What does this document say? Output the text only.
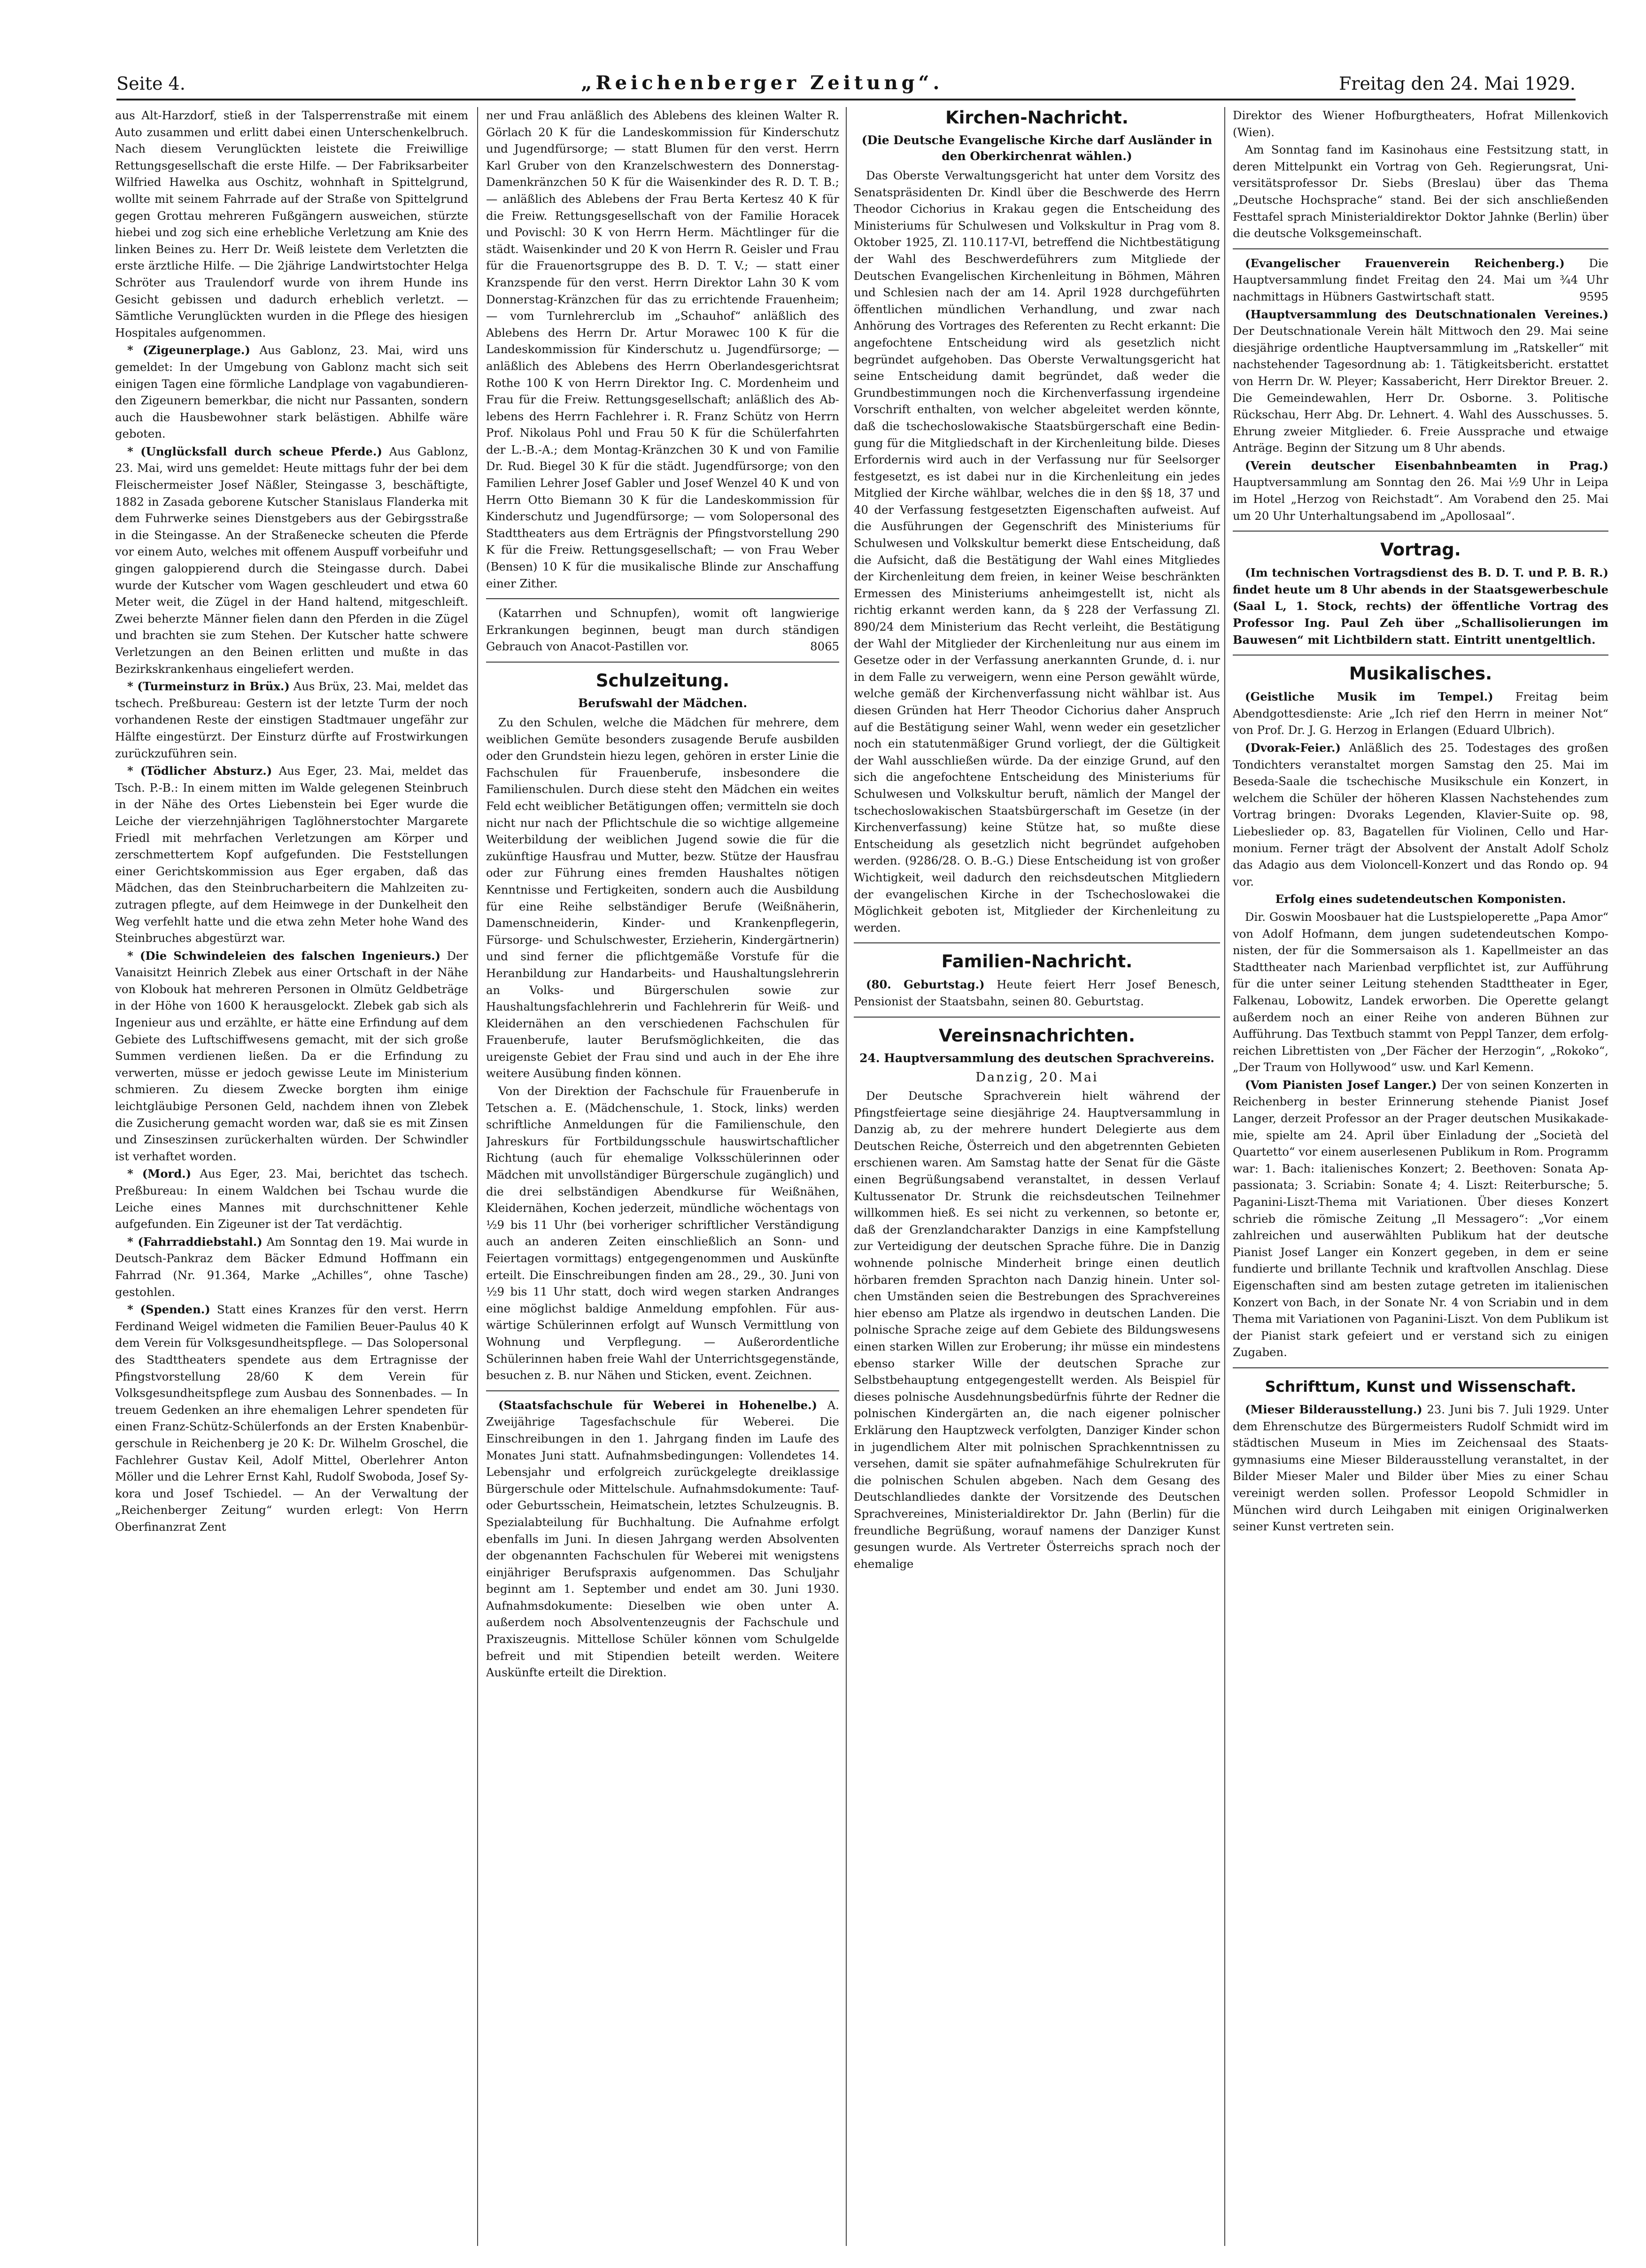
Seite 4.	„Reichenberger Zeitung“.	Freitag den 24. Mai 1929.

aus Alt-Harzdorf, stieß in der Talsperrenstraße mit einem Auto zusammen und erlitt dabei einen Unterschenkelbruch. Nach diesem Verunglückten leistete die Freiwillige Rettungsgesellschaft die erste Hilfe. — Der Fabriksarbeiter Wilfried Hawelka aus Oschitz, wohnhaft in Spittelgrund, wollte mit seinem Fahrrade auf der Straße von Spittelgrund gegen Grottau mehreren Fußgängern ausweichen, stürzte hiebei und zog sich eine erhebliche Verletzung am Knie des linken Beines zu. Herr Dr. Weiß leistete dem Verletzten die erste ärztliche Hilfe. — Die 2jährige Landwirtstochter Helga Schröter aus Traulendorf wurde von ihrem Hunde ins Gesicht gebissen und dadurch erheblich verletzt. — Sämtliche Verunglückten wurden in die Pflege des hiesigen Hospitales aufgenommen.

* (Zigeunerplage.) Aus Gablonz, 23. Mai, wird uns gemeldet: In der Umgebung von Gablonz macht sich seit einigen Tagen eine förmliche Landplage von vagabundierenden Zigeunern bemerkbar, die nicht nur Passanten, sondern auch die Hausbewohner stark belästigen. Abhilfe wäre geboten.

* (Unglücksfall durch scheue Pferde.) Aus Gablonz, 23. Mai, wird uns gemeldet: Heute mittags fuhr der bei dem Fleischermeister Josef Näßler, Steingasse 3, beschäftigte, 1882 in Zasada geborene Kutscher Stanislaus Flanderka mit dem Fuhrwerke seines Dienstgebers aus der Gebirgsstraße in die Steingasse. An der Straßenecke scheuten die Pferde vor einem Auto, welches mit offenem Auspuff vorbeifuhr und gingen galoppierend durch die Steingasse durch. Dabei wurde der Kutscher vom Wagen geschleudert und etwa 60 Meter weit, die Zügel in der Hand haltend, mitgeschleift. Zwei beherzte Männer fielen dann den Pferden in die Zügel und brachten sie zum Stehen. Der Kutscher hatte schwere Verletzungen an den Beinen erlitten und mußte in das Bezirkskrankenhaus eingeliefert werden.

* (Turmeinsturz in Brüx.) Aus Brüx, 23. Mai, meldet das tschech. Preßbureau: Gestern ist der letzte Turm der noch vorhandenen Reste der einstigen Stadtmauer ungefähr zur Hälfte eingestürzt. Der Einsturz dürfte auf Frostwirkungen zurückzuführen sein.

* (Tödlicher Absturz.) Aus Eger, 23. Mai, meldet das Tsch. P.-B.: In einem mitten im Walde gelegenen Steinbruch in der Nähe des Ortes Liebenstein bei Eger wurde die Leiche der vierzehnjährigen Taglöhnerstochter Margarete Friedl mit mehrfachen Verletzungen am Körper und zerschmettertem Kopf aufgefunden. Die Feststellungen einer Gerichtskommission aus Eger ergaben, daß das Mädchen, das den Steinbrucharbeitern die Mahlzeiten zuzutragen pflegte, auf dem Heimwege in der Dunkelheit den Weg verfehlt hatte und die etwa zehn Meter hohe Wand des Steinbruches abgestürzt war.

* (Die Schwindeleien des falschen Ingenieurs.) Der Vanaisitzt Heinrich Zlebek aus einer Ortschaft in der Nähe von Klobouk hat mehreren Personen in Olmütz Geldbeträge in der Höhe von 1600 K herausgelockt. Zlebek gab sich als Ingenieur aus und erzählte, er hätte eine Erfindung auf dem Gebiete des Luftschiffwesens gemacht, mit der sich große Summen verdienen ließen. Da er die Erfindung zu verwerten, müsse er jedoch gewisse Leute im Ministerium schmieren. Zu diesem Zwecke borgten ihm einige leichtgläubige Personen Geld, nachdem ihnen von Zlebek die Zusicherung gemacht worden war, daß sie es mit Zinsen und Zinseszinsen zurückerhalten würden. Der Schwindler ist verhaftet worden.

* (Mord.) Aus Eger, 23. Mai, berichtet das tschech. Preßbureau: In einem Waldchen bei Tschau wurde die Leiche eines Mannes mit durchschnittener Kehle aufgefunden. Ein Zigeuner ist der Tat verdächtig.

* (Fahrraddiebstahl.) Am Sonntag den 19. Mai wurde in Deutsch-Pankraz dem Bäcker Edmund Hoffmann ein Fahrrad (Nr. 91.364, Marke „Achilles“, ohne Tasche) gestohlen.

* (Spenden.) Statt eines Kranzes für den verst. Herrn Ferdinand Weigel widmeten die Familien Beuer-Paulus 40 K dem Verein für Volksgesundheitspflege. — Das Solopersonal des Stadttheaters spendete aus dem Ertragnisse der Pfingstvorstellung 28/60 K dem Verein für Volksgesundheitspflege zum Ausbau des Sonnenbades. — In treuem Gedenken an ihre ehemaligen Lehrer spendeten für einen Franz-Schütz-Schülerfonds an der Ersten Knabenbürgerschule in Reichenberg je 20 K: Dr. Wilhelm Groschel, die Fachlehrer Gustav Keil, Adolf Mittel, Oberlehrer Anton Möller und die Lehrer Ernst Kahl, Rudolf Swoboda, Josef Sykora und Josef Tschiedel. — An der Verwaltung der „Reichenberger Zeitung“ wurden erlegt: Von Herrn Oberfinanzrat Zent

ner und Frau anläßlich des Ablebens des kleinen Walter R. Görlach 20 K für die Landeskommission für Kinderschutz und Jugendfürsorge; — statt Blumen für den verst. Herrn Karl Gruber von den Kranzelschwestern des Donnerstag-Damenkränzchen 50 K für die Waisenkinder des R. D. T. B.; — anläßlich des Ablebens der Frau Berta Kertesz 40 K für die Freiw. Rettungsgesellschaft von der Familie Horacek und Povischl: 30 K von Herrn Herm. Mächtlinger für die städt. Waisenkinder und 20 K von Herrn R. Geisler und Frau für die Frauenortsgruppe des B. D. T. V.; — statt einer Kranzspende für den verst. Herrn Direktor Lahn 30 K vom Donnerstag-Kränzchen für das zu errichtende Frauenheim; — vom Turnlehrerclub im „Schauhof“ anläßlich des Ablebens des Herrn Dr. Artur Morawec 100 K für die Landeskommission für Kinderschutz u. Jugendfürsorge; — anläßlich des Ablebens des Herrn Oberlandesgerichtsrat Rothe 100 K von Herrn Direktor Ing. C. Mordenheim und Frau für die Freiw. Rettungsgesellschaft; anläßlich des Ablebens des Herrn Fachlehrer i. R. Franz Schütz von Herrn Prof. Nikolaus Pohl und Frau 50 K für die Schülerfahrten der L.-B.-A.; dem Montag-Kränzchen 30 K und von Familie Dr. Rud. Biegel 30 K für die städt. Jugendfürsorge; von den Familien Lehrer Josef Gabler und Josef Wenzel 40 K und von Herrn Otto Biemann 30 K für die Landeskommission für Kinderschutz und Jugendfürsorge; — vom Solopersonal des Stadttheaters aus dem Erträgnis der Pfingstvorstellung 290 K für die Freiw. Rettungsgesellschaft; — von Frau Weber (Bensen) 10 K für die musikalische Blinde zur Anschaffung einer Zither.

(Katarrhen und Schnupfen), womit oft langwierige Erkrankungen beginnen, beugt man durch ständigen Gebrauch von Anacot-Pastillen vor.	8065

Schulzeitung.
Berufswahl der Mädchen.

Zu den Schulen, welche die Mädchen für mehrere, dem weiblichen Gemüte besonders zusagende Berufe ausbilden oder den Grundstein hiezu legen, gehören in erster Linie die Fachschulen für Frauenberufe, insbesondere die Familienschulen. Durch diese steht den Mädchen ein weites Feld echt weiblicher Betätigungen offen; vermitteln sie doch nicht nur nach der Pflichtschule die so wichtige allgemeine Weiterbildung der weiblichen Jugend sowie die für die zukünftige Hausfrau und Mutter, bezw. Stütze der Hausfrau oder zur Führung eines fremden Haushaltes nötigen Kenntnisse und Fertigkeiten, sondern auch die Ausbildung für eine Reihe selbständiger Berufe (Weißnäherin, Damenschneiderin, Kinder- und Krankenpflegerin, Fürsorge- und Schulschwester, Erzieherin, Kindergärtnerin) und sind ferner die pflichtgemäße Vorstufe für die Heranbildung zur Handarbeits- und Haushaltungslehrerin an Volks- und Bürgerschulen sowie zur Haushaltungsfachlehrerin und Fachlehrerin für Weiß- und Kleidernähen an den verschiedenen Fachschulen für Frauenberufe, lauter Berufsmöglichkeiten, die das ureigenste Gebiet der Frau sind und auch in der Ehe ihre weitere Ausübung finden können.

Von der Direktion der Fachschule für Frauenberufe in Tetschen a. E. (Mädchenschule, 1. Stock, links) werden schriftliche Anmeldungen für die Familienschule, den Jahreskurs für Fortbildungsschule hauswirtschaftlicher Richtung (auch für ehemalige Volksschülerinnen oder Mädchen mit unvollständiger Bürgerschule zugänglich) und die drei selbständigen Abendkurse für Weißnähen, Kleidernähen, Kochen jederzeit, mündliche wöchentags von ½9 bis 11 Uhr (bei vorheriger schriftlicher Verständigung auch an anderen Zeiten einschließlich an Sonn- und Feiertagen vormittags) entgegengenommen und Auskünfte erteilt. Die Einschreibungen finden am 28., 29., 30. Juni von ½9 bis 11 Uhr statt, doch wird wegen starken Andranges eine möglichst baldige Anmeldung empfohlen. Für auswärtige Schülerinnen erfolgt auf Wunsch Vermittlung von Wohnung und Verpflegung. — Außerordentliche Schülerinnen haben freie Wahl der Unterrichtsgegenstände, besuchen z. B. nur Nähen und Sticken, event. Zeichnen.

(Staatsfachschule für Weberei in Hohenelbe.) A. Zweijährige Tagesfachschule für Weberei. Die Einschreibungen in den 1. Jahrgang finden im Laufe des Monates Juni statt. Aufnahmsbedingungen: Vollendetes 14. Lebensjahr und erfolgreich zurückgelegte dreiklassige Bürgerschule oder Mittelschule. Aufnahmsdokumente: Tauf- oder Geburtsschein, Heimatschein, letztes Schulzeugnis. B. Spezialabteilung für Buchhaltung. Die Aufnahme erfolgt ebenfalls im Juni. In diesen Jahrgang werden Absolventen der obgenannten Fachschulen für Weberei mit wenigstens einjähriger Berufspraxis aufgenommen. Das Schuljahr beginnt am 1. September und endet am 30. Juni 1930. Aufnahmsdokumente: Dieselben wie oben unter A. außerdem noch Absolventenzeugnis der Fachschule und Praxiszeugnis. Mittellose Schüler können vom Schulgelde befreit und mit Stipendien beteilt werden. Weitere Auskünfte erteilt die Direktion.

Kirchen-Nachricht.
(Die Deutsche Evangelische Kirche darf Ausländer in den Oberkirchenrat wählen.)

Das Oberste Verwaltungsgericht hat unter dem Vorsitz des Senatspräsidenten Dr. Kindl über die Beschwerde des Herrn Theodor Cichorius in Krakau gegen die Entscheidung des Ministeriums für Schulwesen und Volkskultur in Prag vom 8. Oktober 1925, Zl. 110.117-VI, betreffend die Nichtbestätigung der Wahl des Beschwerdeführers zum Mitgliede der Deutschen Evangelischen Kirchenleitung in Böhmen, Mähren und Schlesien nach der am 14. April 1928 durchgeführten öffentlichen mündlichen Verhandlung, und zwar nach Anhörung des Vortrages des Referenten zu Recht erkannt: Die angefochtene Entscheidung wird als gesetzlich nicht begründet aufgehoben. Das Oberste Verwaltungsgericht hat seine Entscheidung damit begründet, daß weder die Grundbestimmungen noch die Kirchenverfassung irgendeine Vorschrift enthalten, von welcher abgeleitet werden könnte, daß die tschechoslowakische Staatsbürgerschaft eine Bedingung für die Mitgliedschaft in der Kirchenleitung bilde. Dieses Erfordernis wird auch in der Verfassung nur für Seelsorger festgesetzt, es ist dabei nur in die Kirchenleitung ein jedes Mitglied der Kirche wählbar, welches die in den §§ 18, 37 und 40 der Verfassung festgesetzten Eigenschaften aufweist. Auf die Ausführungen der Gegenschrift des Ministeriums für Schulwesen und Volkskultur bemerkt diese Entscheidung, daß die Aufsicht, daß die Bestätigung der Wahl eines Mitgliedes der Kirchenleitung dem freien, in keiner Weise beschränkten Ermessen des Ministeriums anheimgestellt ist, nicht als richtig erkannt werden kann, da § 228 der Verfassung Zl. 890/24 dem Ministerium das Recht verleiht, die Bestätigung der Wahl der Mitglieder der Kirchenleitung nur aus einem im Gesetze oder in der Verfassung anerkannten Grunde, d. i. nur in dem Falle zu verweigern, wenn eine Person gewählt würde, welche gemäß der Kirchenverfassung nicht wählbar ist. Aus diesen Gründen hat Herr Theodor Cichorius daher Anspruch auf die Bestätigung seiner Wahl, wenn weder ein gesetzlicher noch ein statutenmäßiger Grund vorliegt, der die Gültigkeit der Wahl ausschließen würde. Da der einzige Grund, auf den sich die angefochtene Entscheidung des Ministeriums für Schulwesen und Volkskultur beruft, nämlich der Mangel der tschechoslowakischen Staatsbürgerschaft im Gesetze (in der Kirchenverfassung) keine Stütze hat, so mußte diese Entscheidung als gesetzlich nicht begründet aufgehoben werden. (9286/28. O. B.-G.) Diese Entscheidung ist von großer Wichtigkeit, weil dadurch den reichsdeutschen Mitgliedern der evangelischen Kirche in der Tschechoslowakei die Möglichkeit geboten ist, Mitglieder der Kirchenleitung zu werden.

Familien-Nachricht.

(80. Geburtstag.) Heute feiert Herr Josef Benesch, Pensionist der Staatsbahn, seinen 80. Geburtstag.

Vereinsnachrichten.
24. Hauptversammlung des deutschen Sprachvereins.
Danzig, 20. Mai

Der Deutsche Sprachverein hielt während der Pfingstfeiertage seine diesjährige 24. Hauptversammlung in Danzig ab, zu der mehrere hundert Delegierte aus dem Deutschen Reiche, Österreich und den abgetrennten Gebieten erschienen waren. Am Samstag hatte der Senat für die Gäste einen Begrüßungsabend veranstaltet, in dessen Verlauf Kultussenator Dr. Strunk die reichsdeutschen Teilnehmer willkommen hieß. Es sei nicht zu verkennen, so betonte er, daß der Grenzlandcharakter Danzigs in eine Kampfstellung zur Verteidigung der deutschen Sprache führe. Die in Danzig wohnende polnische Minderheit bringe einen deutlich hörbaren fremden Sprachton nach Danzig hinein. Unter solchen Umständen seien die Bestrebungen des Sprachvereines hier ebenso am Platze als irgendwo in deutschen Landen. Die polnische Sprache zeige auf dem Gebiete des Bildungswesens einen starken Willen zur Eroberung; ihr müsse ein mindestens ebenso starker Wille der deutschen Sprache zur Selbstbehauptung entgegengestellt werden. Als Beispiel für dieses polnische Ausdehnungsbedürfnis führte der Redner die polnischen Kindergärten an, die nach eigener polnischer Erklärung den Hauptzweck verfolgten, Danziger Kinder schon in jugendlichem Alter mit polnischen Sprachkenntnissen zu versehen, damit sie später aufnahmefähige Schulrekruten für die polnischen Schulen abgeben. Nach dem Gesang des Deutschlandliedes dankte der Vorsitzende des Deutschen Sprachvereines, Ministerialdirektor Dr. Jahn (Berlin) für die freundliche Begrüßung, worauf namens der Danziger Kunst gesungen wurde. Als Vertreter Österreichs sprach noch der ehemalige

Direktor des Wiener Hofburgtheaters, Hofrat Millenkovich (Wien).

Am Sonntag fand im Kasinohaus eine Festsitzung statt, in deren Mittelpunkt ein Vortrag von Geh. Regierungsrat, Universitätsprofessor Dr. Siebs (Breslau) über das Thema „Deutsche Hochsprache“ stand. Bei der sich anschließenden Festtafel sprach Ministerialdirektor Doktor Jahnke (Berlin) über die deutsche Volksgemeinschaft.

(Evangelischer Frauenverein Reichenberg.) Die Hauptversammlung findet Freitag den 24. Mai um ¾4 Uhr nachmittags in Hübners Gastwirtschaft statt.	9595

(Hauptversammlung des Deutschnationalen Vereines.) Der Deutschnationale Verein hält Mittwoch den 29. Mai seine diesjährige ordentliche Hauptversammlung im „Ratskeller“ mit nachstehender Tagesordnung ab: 1. Tätigkeitsbericht. erstattet von Herrn Dr. W. Pleyer; Kassabericht, Herr Direktor Breuer. 2. Die Gemeindewahlen, Herr Dr. Osborne. 3. Politische Rückschau, Herr Abg. Dr. Lehnert. 4. Wahl des Ausschusses. 5. Ehrung zweier Mitglieder. 6. Freie Aussprache und etwaige Anträge. Beginn der Sitzung um 8 Uhr abends.

(Verein deutscher Eisenbahnbeamten in Prag.) Hauptversammlung am Sonntag den 26. Mai ½9 Uhr in Leipa im Hotel „Herzog von Reichstadt“. Am Vorabend den 25. Mai um 20 Uhr Unterhaltungsabend im „Apollosaal“.

Vortrag.

(Im technischen Vortragsdienst des B. D. T. und P. B. R.) findet heute um 8 Uhr abends in der Staatsgewerbeschule (Saal L, 1. Stock, rechts) der öffentliche Vortrag des Professor Ing. Paul Zeh über „Schallisolierungen im Bauwesen“ mit Lichtbildern statt. Eintritt unentgeltlich.

Musikalisches.

(Geistliche Musik im Tempel.) Freitag beim Abendgottesdienste: Arie „Ich rief den Herrn in meiner Not“ von Prof. Dr. J. G. Herzog in Erlangen (Eduard Ulbrich).

(Dvorak-Feier.) Anläßlich des 25. Todestages des großen Tondichters veranstaltet morgen Samstag den 25. Mai im Beseda-Saale die tschechische Musikschule ein Konzert, in welchem die Schüler der höheren Klassen Nachstehendes zum Vortrag bringen: Dvoraks Legenden, Klavier-Suite op. 98, Liebeslieder op. 83, Bagatellen für Violinen, Cello und Harmonium. Ferner trägt der Absolvent der Anstalt Adolf Scholz das Adagio aus dem Violoncell-Konzert und das Rondo op. 94 vor.

Erfolg eines sudetendeutschen Komponisten.

Dir. Goswin Moosbauer hat die Lustspieloperette „Papa Amor“ von Adolf Hofmann, dem jungen sudetendeutschen Komponisten, der für die Sommersaison als 1. Kapellmeister an das Stadttheater nach Marienbad verpflichtet ist, zur Aufführung für die unter seiner Leitung stehenden Stadttheater in Eger, Falkenau, Lobowitz, Landek erworben. Die Operette gelangt außerdem noch an einer Reihe von anderen Bühnen zur Aufführung. Das Textbuch stammt von Peppl Tanzer, dem erfolgreichen Librettisten von „Der Fächer der Herzogin“, „Rokoko“, „Der Traum von Hollywood“ usw. und Karl Kemenn.

(Vom Pianisten Josef Langer.) Der von seinen Konzerten in Reichenberg in bester Erinnerung stehende Pianist Josef Langer, derzeit Professor an der Prager deutschen Musikakademie, spielte am 24. April über Einladung der „Società del Quartetto“ vor einem auserlesenen Publikum in Rom. Programm war: 1. Bach: italienisches Konzert; 2. Beethoven: Sonata Appassionata; 3. Scriabin: Sonate 4; 4. Liszt: Reiterbursche; 5. Paganini-Liszt-Thema mit Variationen. Über dieses Konzert schrieb die römische Zeitung „Il Messagero“: „Vor einem zahlreichen und auserwählten Publikum hat der deutsche Pianist Josef Langer ein Konzert gegeben, in dem er seine fundierte und brillante Technik und kraftvollen Anschlag. Diese Eigenschaften sind am besten zutage getreten im italienischen Konzert von Bach, in der Sonate Nr. 4 von Scriabin und in dem Thema mit Variationen von Paganini-Liszt. Von dem Publikum ist der Pianist stark gefeiert und er verstand sich zu einigen Zugaben.

Schrifttum, Kunst und Wissenschaft.

(Mieser Bilderausstellung.) 23. Juni bis 7. Juli 1929. Unter dem Ehrenschutze des Bürgermeisters Rudolf Schmidt wird im städtischen Museum in Mies im Zeichensaal des Staatsgymnasiums eine Mieser Bilderausstellung veranstaltet, in der Bilder Mieser Maler und Bilder über Mies zu einer Schau vereinigt werden sollen. Professor Leopold Schmidler in München wird durch Leihgaben mit einigen Originalwerken seiner Kunst vertreten sein.
